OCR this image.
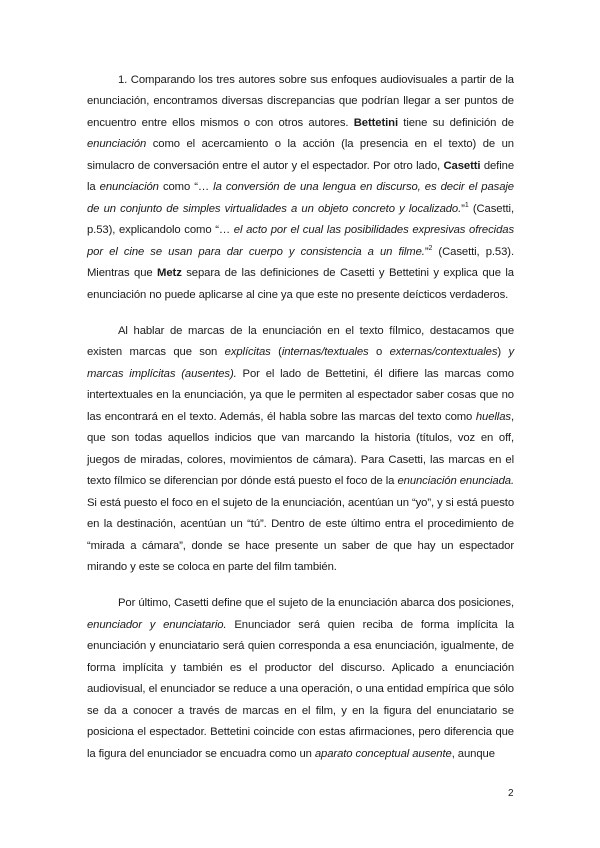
1. Comparando los tres autores sobre sus enfoques audiovisuales a partir de la enunciación, encontramos diversas discrepancias que podrían llegar a ser puntos de encuentro entre ellos mismos o con otros autores. Bettetini tiene su definición de enunciación como el acercamiento o la acción (la presencia en el texto) de un simulacro de conversación entre el autor y el espectador. Por otro lado, Casetti define la enunciación como “… la conversión de una lengua en discurso, es decir el pasaje de un conjunto de simples virtualidades a un objeto concreto y localizado.”$^1$ (Casetti, p.53), explicandolo como “… el acto por el cual las posibilidades expresivas ofrecidas por el cine se usan para dar cuerpo y consistencia a un filme.”$^2$ (Casetti, p.53). Mientras que Metz separa de las definiciones de Casetti y Bettetini y explica que la enunciación no puede aplicarse al cine ya que este no presente deícticos verdaderos.

Al hablar de marcas de la enunciación en el texto fílmico, destacamos que existen marcas que son explícitas (internas/textuales o externas/contextuales) y marcas implícitas (ausentes). Por el lado de Bettetini, él difiere las marcas como intertextuales en la enunciación, ya que le permiten al espectador saber cosas que no las encontrará en el texto. Además, él habla sobre las marcas del texto como huellas, que son todas aquellos indicios que van marcando la historia (títulos, voz en off, juegos de miradas, colores, movimientos de cámara). Para Casetti, las marcas en el texto fílmico se diferencian por dónde está puesto el foco de la enunciación enunciada. Si está puesto el foco en el sujeto de la enunciación, acentúan un “yo”, y si está puesto en la destinación, acentúan un “tú”. Dentro de este último entra el procedimiento de “mirada a cámara”, donde se hace presente un saber de que hay un espectador mirando y este se coloca en parte del film también.

Por último, Casetti define que el sujeto de la enunciación abarca dos posiciones, enunciador y enunciatario. Enunciador será quien reciba de forma implícita la enunciación y enunciatario será quien corresponda a esa enunciación, igualmente, de forma implícita y también es el productor del discurso. Aplicado a enunciación audiovisual, el enunciador se reduce a una operación, o una entidad empírica que sólo se da a conocer a través de marcas en el film, y en la figura del enunciatario se posiciona el espectador. Bettetini coincide con estas afirmaciones, pero diferencia que la figura del enunciador se encuadra como un aparato conceptual ausente, aunque

2
